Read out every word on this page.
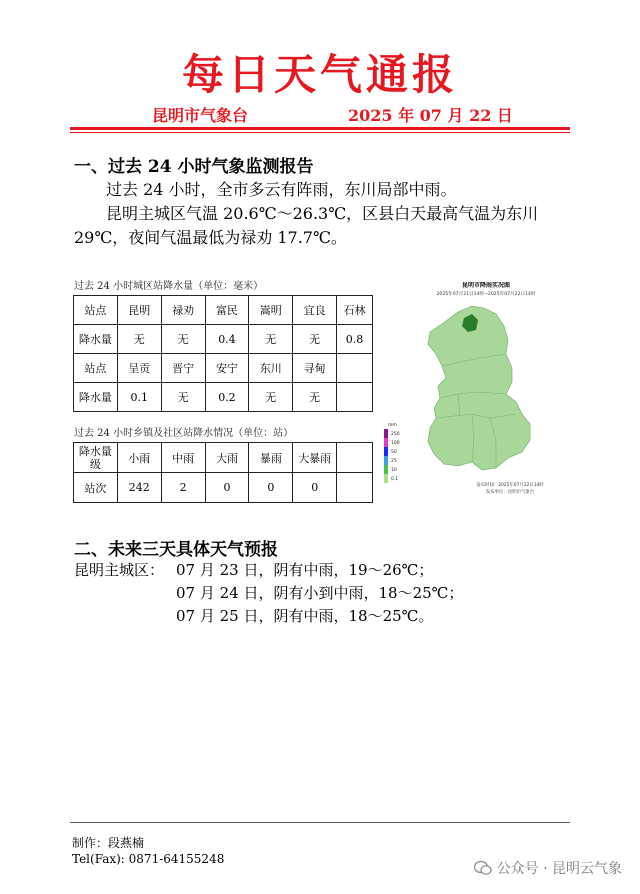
每日天气通报
昆明市气象台	2025 年 07 月 22 日
一、过去 24 小时气象监测报告
过去 24 小时，全市多云有阵雨，东川局部中雨。
昆明主城区气温 20.6℃～26.3℃，区县白天最高气温为东川
29℃，夜间气温最低为禄劝 17.7℃。
过去 24 小时城区站降水量（单位：毫米）
站点	昆明	禄劝	富民	嵩明	宜良	石林
降水量	无	无	0.4	无	无	0.8
站点	呈贡	晋宁	安宁	东川	寻甸	
降水量	0.1	无	0.2	无	无	
过去 24 小时乡镇及社区站降水情况（单位：站）
降水量级	小雨	中雨	大雨	暴雨	大暴雨	
站次	242	2	0	0	0	
昆明市降雨实况图
2025年07月21日14时~2025年07月22日14时
mm
250
100
50
25
10
0.1
发布时间：2025年07月22日14时
发布单位：昆明市气象台
二、未来三天具体天气预报
昆明主城区： 07 月 23 日，阴有中雨，19～26℃；
07 月 24 日，阴有小到中雨，18～25℃；
07 月 25 日，阴有中雨，18～25℃。
制作：段燕楠
Tel(Fax): 0871-64155248
公众号 · 昆明云气象
